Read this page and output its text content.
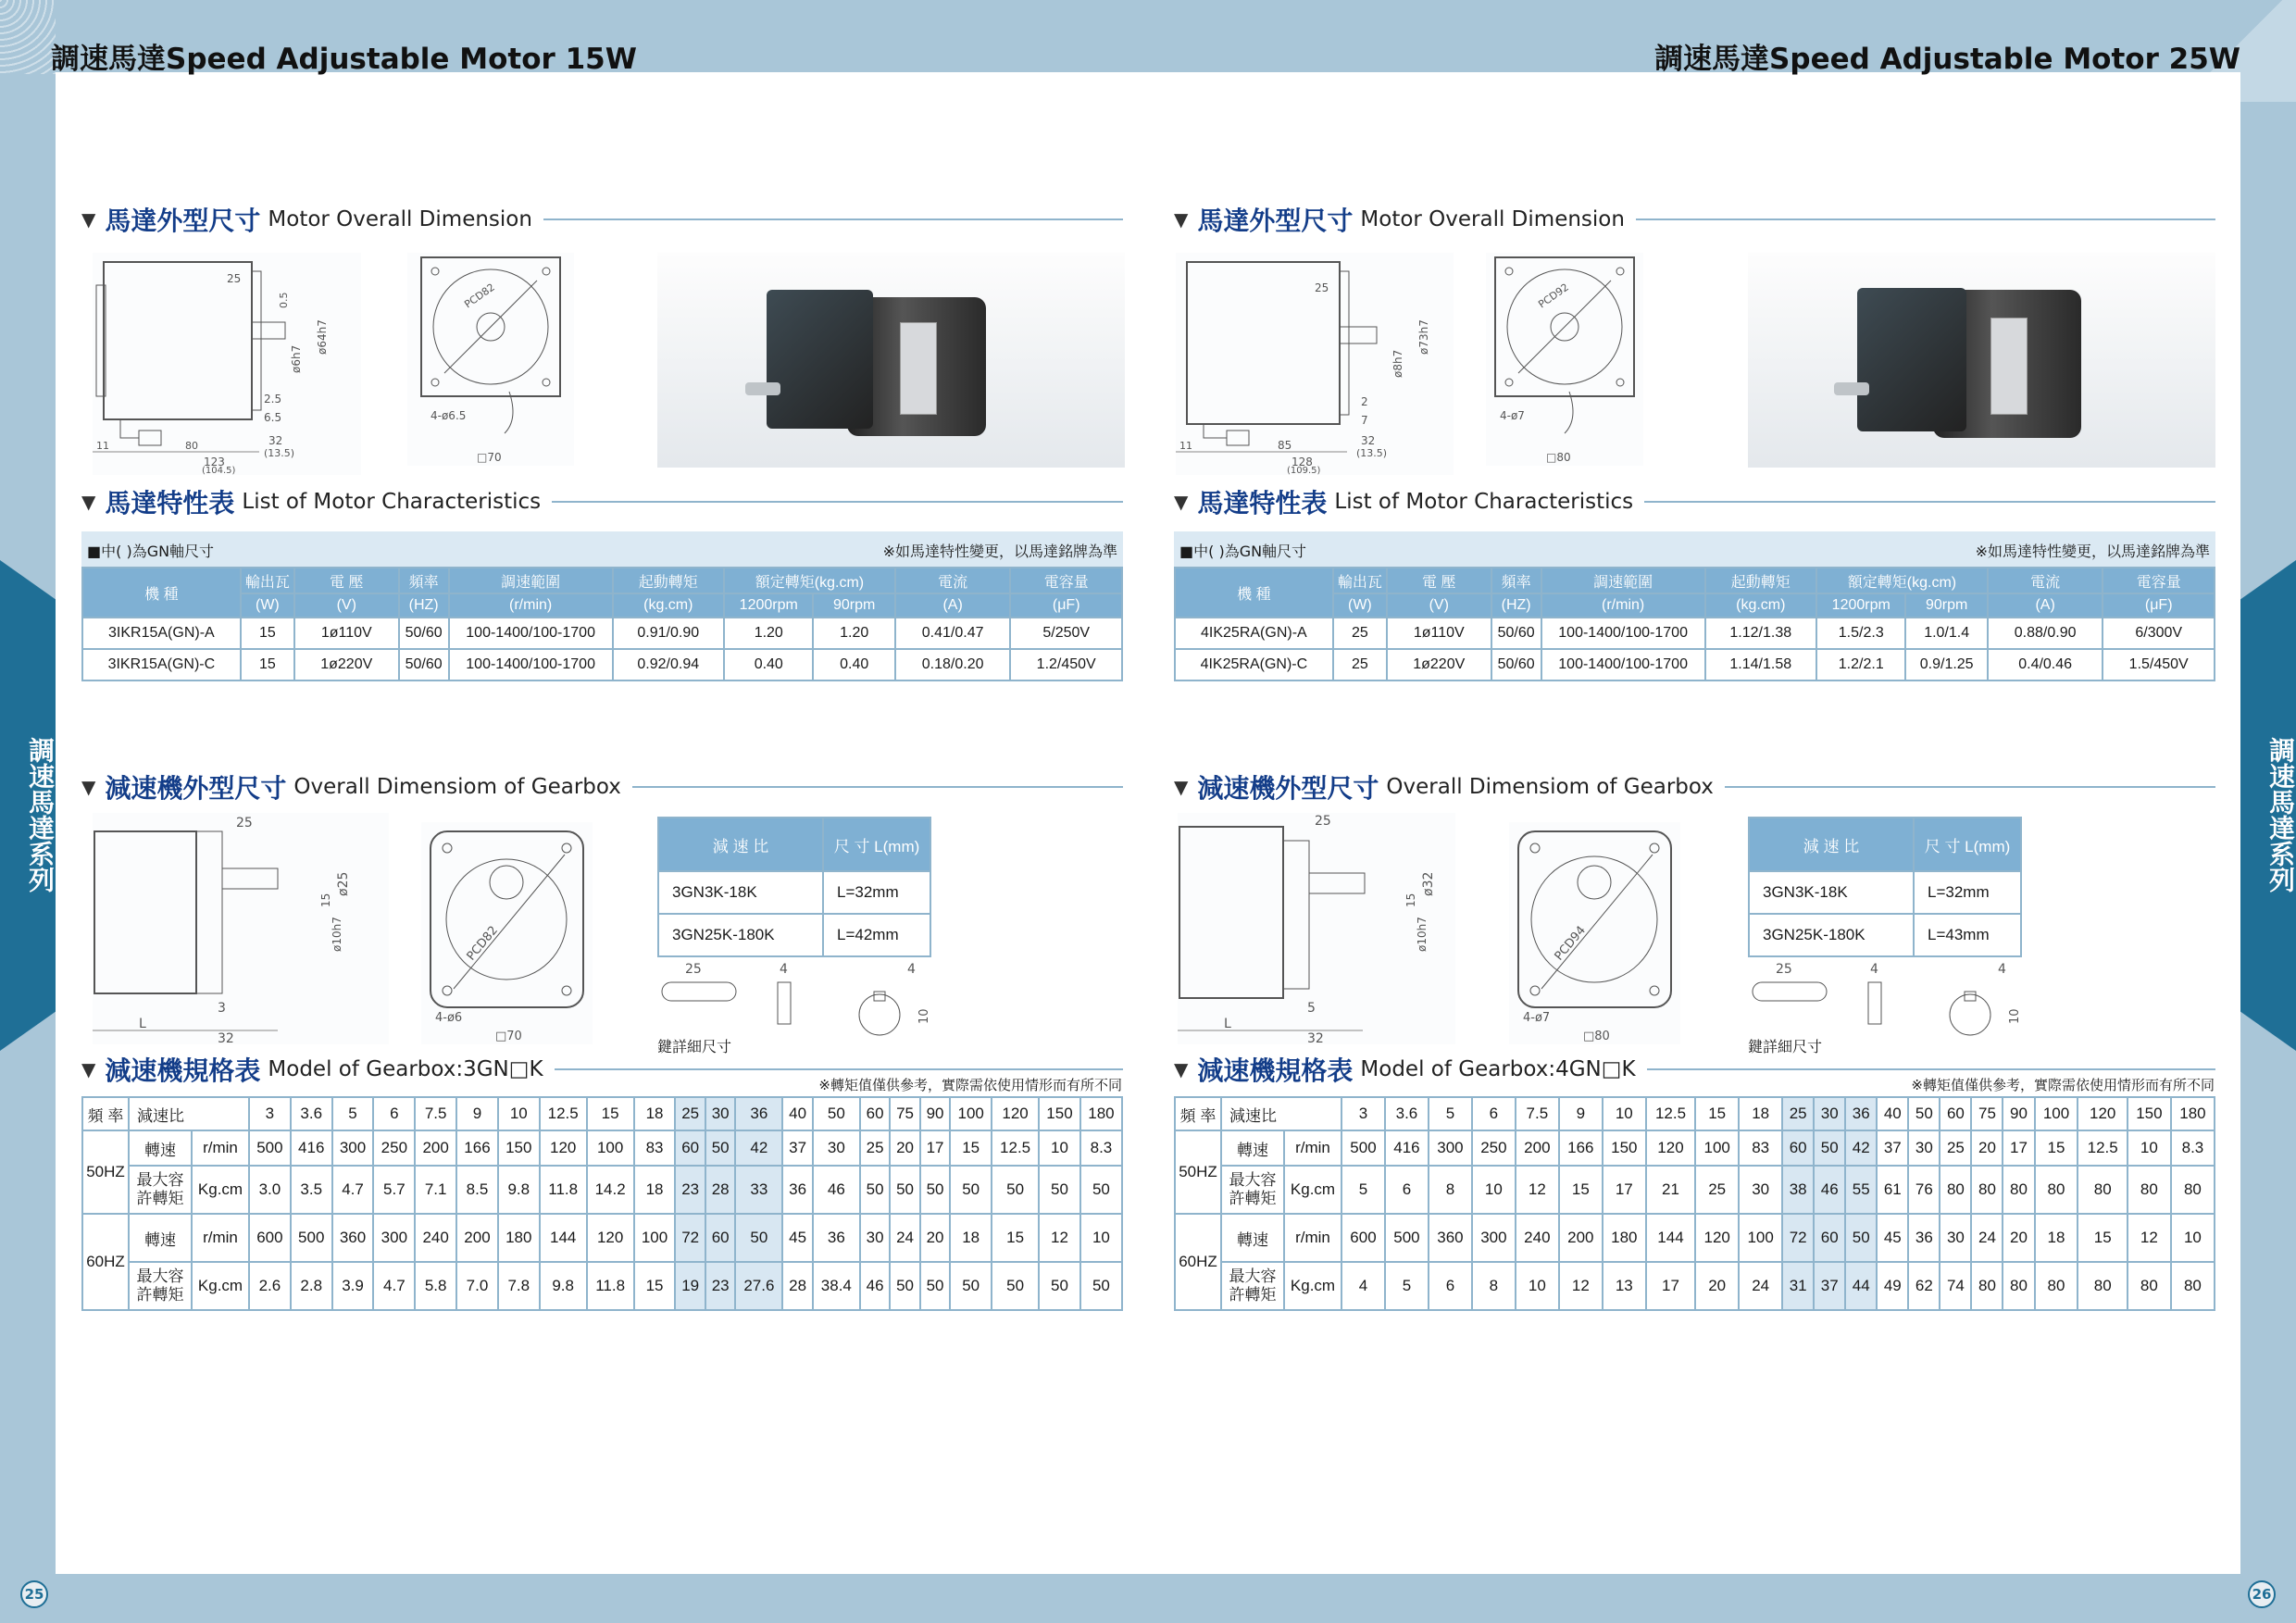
▼ 馬達外型尺寸 Motor Overall Dimension
80
11
25
2.5
6.5
32
(13.5)
123
(104.5)
0.5
ø64h7
ø6h7
PCD82
4-ø6.5
□70
▼ 馬達特性表 List of Motor Characteristics
■中( )為GN軸尺寸	※如馬達特性變更，以馬達銘牌為準
機 種	輸出瓦	電 壓	頻率	調速範圍	起動轉矩	額定轉矩(kg.cm)		電流	電容量
	(W)	(V)	(HZ)	(r/min)	(kg.cm)	1200rpm	90rpm	(A)	(μF)
3IKR15A(GN)-A	15	1ø110V	50/60	100-1400/100-1700	0.91/0.90	1.20	1.20	0.41/0.47	5/250V
3IKR15A(GN)-C	15	1ø220V	50/60	100-1400/100-1700	0.92/0.94	0.40	0.40	0.18/0.20	1.2/450V
▼ 減速機外型尺寸 Overall Dimensiom of Gearbox
25
3
L
32
ø25
15
ø10h7	PCD82
4-ø6
□70
減 速 比	尺 寸 L(mm)
3GN3K-18K	L=32mm
3GN25K-180K	L=42mm
25	4	4
10
鍵詳細尺寸
▼ 減速機規格表 Model of Gearbox:3GN□K
※轉矩值僅供參考，實際需依使用情形而有所不同
頻 率	減速比		3	3.6	5	6	7.5	9	10	12.5	15	18	25	30	36	40	50	60	75	90	100	120	150	180
50HZ	轉速	r/min	500	416	300	250	200	166	150	120	100	83	60	50	42	37	30	25	20	17	15	12.5	10	8.3
	最大容
許轉矩	Kg.cm	3.0	3.5	4.7	5.7	7.1	8.5	9.8	11.8	14.2	18	23	28	33	36	46	50	50	50	50	50	50	50
60HZ	轉速	r/min	600	500	360	300	240	200	180	144	120	100	72	60	50	45	36	30	24	20	18	15	12	10
	最大容
許轉矩	Kg.cm	2.6	2.8	3.9	4.7	5.8	7.0	7.8	9.8	11.8	15	19	23	27.6	28	38.4	46	50	50	50	50	50	50
▼ 馬達外型尺寸 Motor Overall Dimension
85
11
25
2
7
32
(13.5)
128
(109.5)
ø73h7
ø8h7
PCD92
4-ø7
□80
▼ 馬達特性表 List of Motor Characteristics
■中( )為GN軸尺寸	※如馬達特性變更，以馬達銘牌為準
機 種	輸出瓦	電 壓	頻率	調速範圍	起動轉矩	額定轉矩(kg.cm)		電流	電容量
	(W)	(V)	(HZ)	(r/min)	(kg.cm)	1200rpm	90rpm	(A)	(μF)
4IK25RA(GN)-A	25	1ø110V	50/60	100-1400/100-1700	1.12/1.38	1.5/2.3	1.0/1.4	0.88/0.90	6/300V
4IK25RA(GN)-C	25	1ø220V	50/60	100-1400/100-1700	1.14/1.58	1.2/2.1	0.9/1.25	0.4/0.46	1.5/450V
▼ 減速機外型尺寸 Overall Dimensiom of Gearbox
25
5
L
32
ø32
15
ø10h7	PCD94
4-ø7
□80
減 速 比	尺 寸 L(mm)
3GN3K-18K	L=32mm
3GN25K-180K	L=43mm
25	4	4
10
鍵詳細尺寸
▼ 減速機規格表 Model of Gearbox:4GN□K
※轉矩值僅供參考，實際需依使用情形而有所不同
頻 率	減速比		3	3.6	5	6	7.5	9	10	12.5	15	18	25	30	36	40	50	60	75	90	100	120	150	180
50HZ	轉速	r/min	500	416	300	250	200	166	150	120	100	83	60	50	42	37	30	25	20	17	15	12.5	10	8.3
	最大容
許轉矩	Kg.cm	5	6	8	10	12	15	17	21	25	30	38	46	55	61	76	80	80	80	80	80	80	80
60HZ	轉速	r/min	600	500	360	300	240	200	180	144	120	100	72	60	50	45	36	30	24	20	18	15	12	10
	最大容
許轉矩	Kg.cm	4	5	6	8	10	12	13	17	20	24	31	37	44	49	62	74	80	80	80	80	80	80
調速馬達Speed Adjustable Motor 15W	調速馬達Speed Adjustable Motor 25W
調速馬達系列	調速馬達系列
25	26
